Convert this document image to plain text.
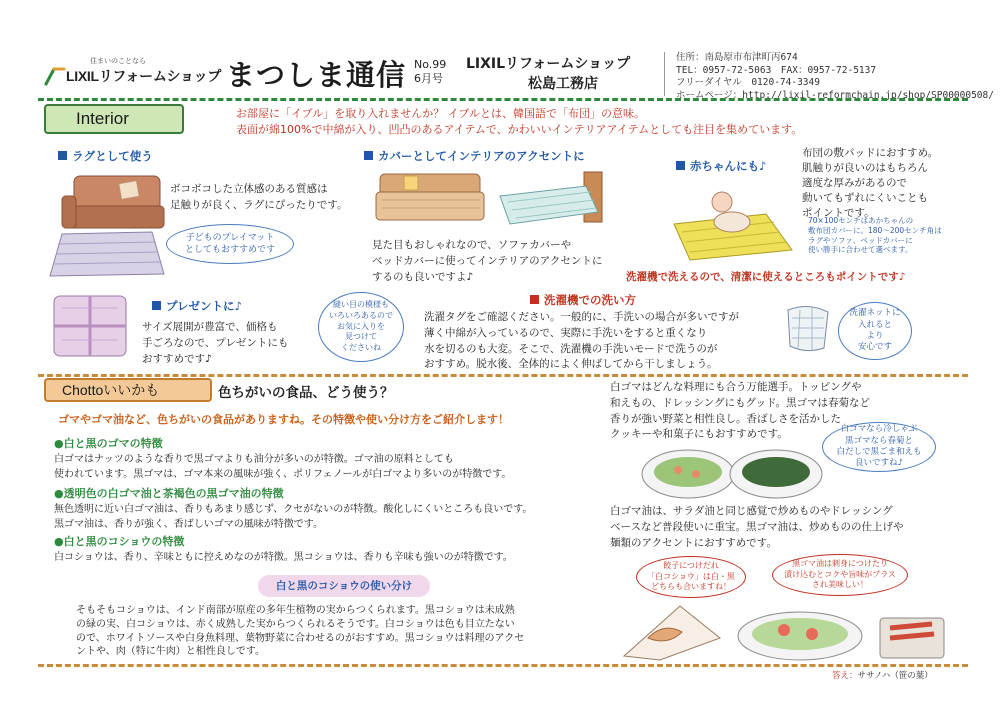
住まいのことなら
LIXILリフォームショップ まつしま通信 No.99
6月号
LIXILリフォームショップ
松島工務店
住所：南島原市布津町丙674
TEL：0957-72-5063　FAX：0957-72-5137
フリーダイヤル　0120-74-3349
ホームページ：http://lixil-reformchain.jp/shop/SP00000508/
Interior	お部屋に「イブル」を取り入れませんか？ イブルとは、韓国語で「布団」の意味。
表面が綿100%で中綿が入り、凹凸のあるアイテムで、かわいいインテリアアイテムとしても注目を集めています。
ラグとして使う
ボコボコした立体感のある質感は
足触りが良く、ラグにぴったりです。
子どものプレイマット
としてもおすすめです
カバーとしてインテリアのアクセントに
見た目もおしゃれなので、ソファカバーや
ベッドカバーに使ってインテリアのアクセントに
するのも良いですよ♪
赤ちゃんにも♪
布団の敷パッドにおすすめ。
肌触りが良いのはもちろん
適度な厚みがあるので
動いてもずれにくいことも
ポイントです。
70×100センチはあかちゃんの
敷布団カバーに。180～200センチ角は
ラグやソファ、ベッドカバーに
使い勝手に合わせて選べます。
洗濯機で洗えるので、清潔に使えるところもポイントです♪
プレゼントに♪
サイズ展開が豊富で、価格も
手ごろなので、プレゼントにも
おすすめです♪
縫い目の模様も
いろいろあるので
お気に入りを
見つけて
くださいね
洗濯機での洗い方
洗濯タグをご確認ください。一般的に、手洗いの場合が多いですが
薄く中綿が入っているので、実際に手洗いをすると重くなり
水を切るのも大変。そこで、洗濯機の手洗いモードで洗うのが
おすすめ。脱水後、全体的によく伸ばしてから干しましょう。
洗濯ネットに
入れると
より
安心です
Chottoいいかも	色ちがいの食品、どう使う？
ゴマやゴマ油など、色ちがいの食品がありますね。その特徴や使い分け方をご紹介します！
●白と黒のゴマの特徴
白ゴマはナッツのような香りで黒ゴマよりも油分が多いのが特徴。ゴマ油の原料としても
使われています。黒ゴマは、ゴマ本来の風味が強く、ポリフェノールが白ゴマより多いのが特徴です。
●透明色の白ゴマ油と茶褐色の黒ゴマ油の特徴
無色透明に近い白ゴマ油は、香りもあまり感じず、クセがないのが特徴。酸化しにくいところも良いです。
黒ゴマ油は、香りが強く、香ばしいゴマの風味が特徴です。
●白と黒のコショウの特徴
白コショウは、香り、辛味ともに控えめなのが特徴。黒コショウは、香りも辛味も強いのが特徴です。
白と黒のコショウの使い分け
そもそもコショウは、インド南部が原産の多年生植物の実からつくられます。黒コショウは未成熟
の緑の実、白コショウは、赤く成熟した実からつくられるそうです。白コショウは色も目立たない
ので、ホワイトソースや白身魚料理、葉物野菜に合わせるのがおすすめ。黒コショウは料理のアクセ
ントや、肉（特に牛肉）と相性良しです。
白ゴマはどんな料理にも合う万能選手。トッピングや
和えもの、ドレッシングにもグッド。黒ゴマは春菊など
香りが強い野菜と相性良し。香ばしさを活かした
クッキーや和菓子にもおすすめです。	白ゴマなら冷しゃぶ
黒ゴマなら春菊と
白だしで黒ごま和えも
良いですね♪
白ゴマ油は、サラダ油と同じ感覚で炒めものやドレッシング
ベースなど普段使いに重宝。黒ゴマ油は、炒めものの仕上げや
麺類のアクセントにおすすめです。
餃子につけだれ
「白コショウ」は白・黒
どちらも合いますね！
黒ゴマ油は刺身につけたり
漬け込むとコクや旨味がプラス
され美味しい！
答え：ササノハ（笹の葉）
